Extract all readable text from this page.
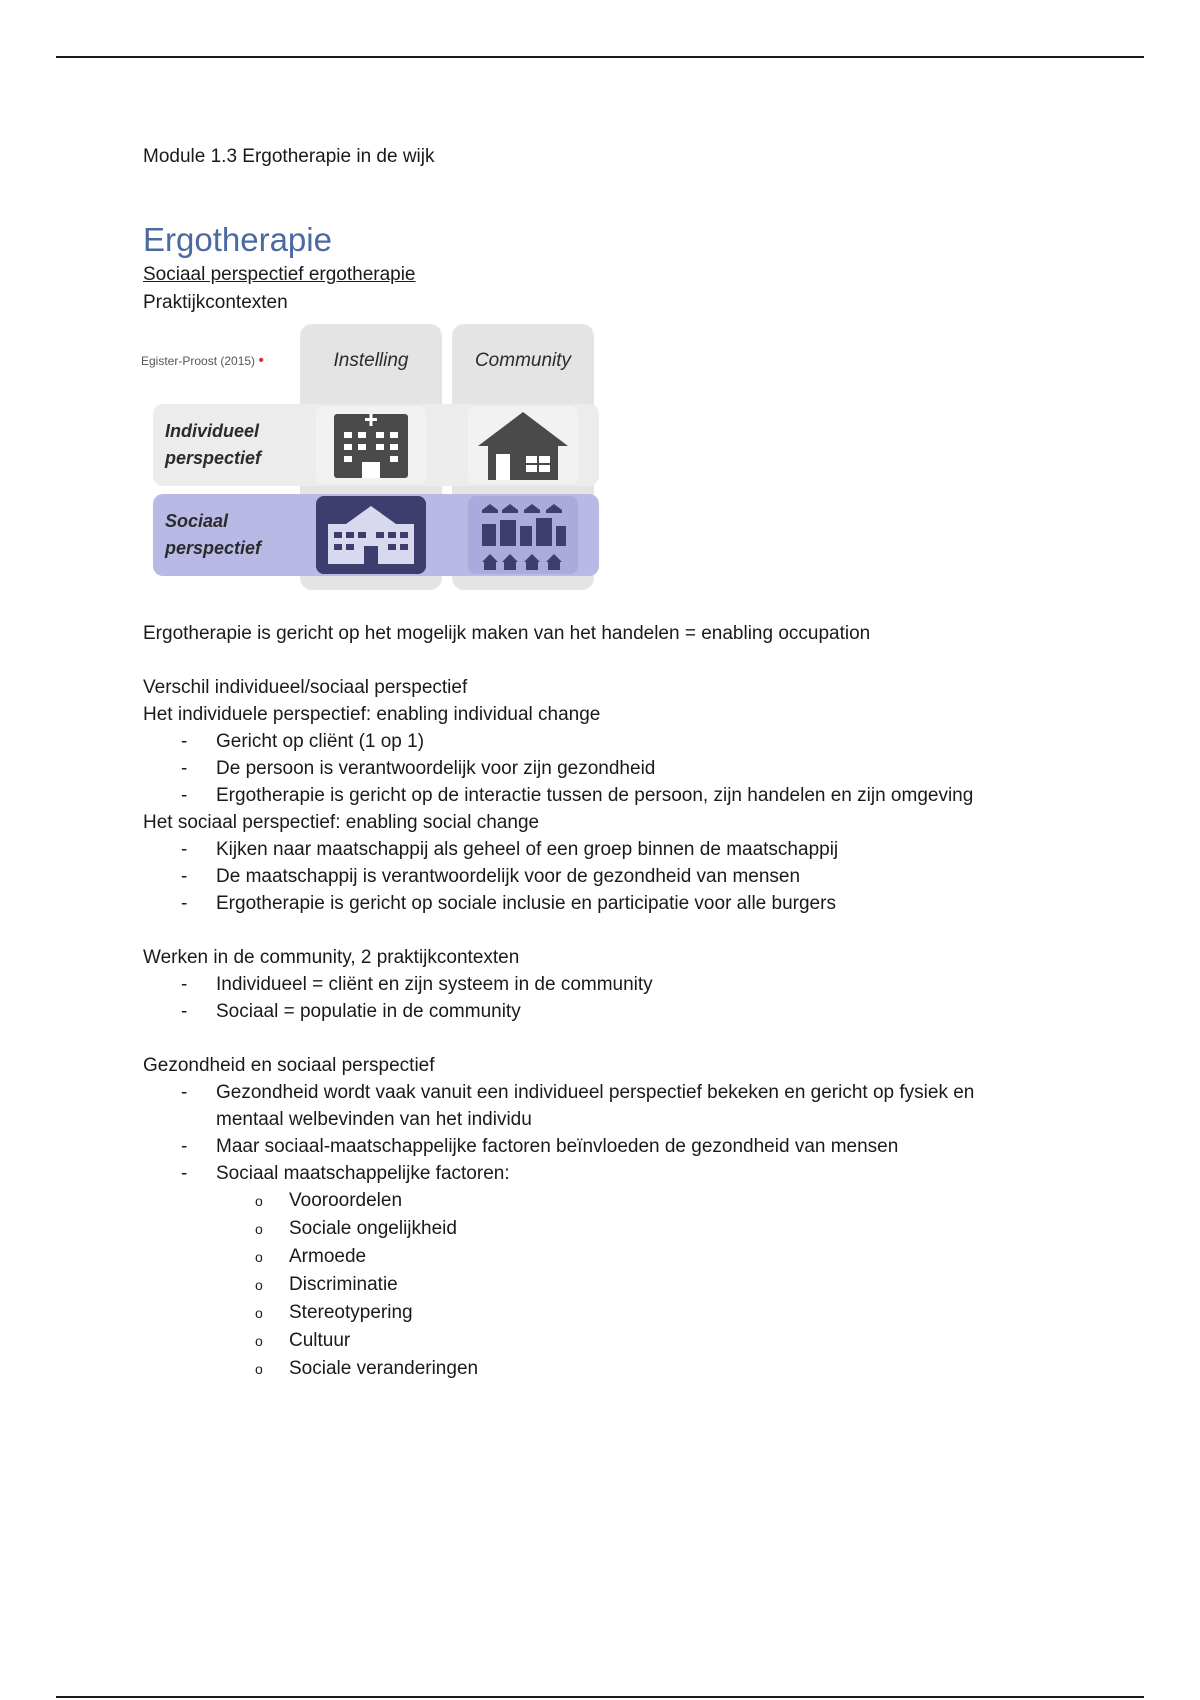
Module 1.3 Ergotherapie in de wijk
Ergotherapie
Sociaal perspectief ergotherapie
Praktijkcontexten
Egister-Proost (2015) •	Instelling	Community
Individueel
perspectief
Sociaal
perspectief
Ergotherapie is gericht op het mogelijk maken van het handelen = enabling occupation
Verschil individueel/sociaal perspectief
Het individuele perspectief: enabling individual change
- Gericht op cliënt (1 op 1)
- De persoon is verantwoordelijk voor zijn gezondheid
- Ergotherapie is gericht op de interactie tussen de persoon, zijn handelen en zijn omgeving
Het sociaal perspectief: enabling social change
- Kijken naar maatschappij als geheel of een groep binnen de maatschappij
- De maatschappij is verantwoordelijk voor de gezondheid van mensen
- Ergotherapie is gericht op sociale inclusie en participatie voor alle burgers
Werken in de community, 2 praktijkcontexten
- Individueel = cliënt en zijn systeem in de community
- Sociaal = populatie in de community
Gezondheid en sociaal perspectief
- Gezondheid wordt vaak vanuit een individueel perspectief bekeken en gericht op fysiek en
mentaal welbevinden van het individu
- Maar sociaal-maatschappelijke factoren beïnvloeden de gezondheid van mensen
- Sociaal maatschappelijke factoren:
o Vooroordelen
o Sociale ongelijkheid
o Armoede
o Discriminatie
o Stereotypering
o Cultuur
o Sociale veranderingen
